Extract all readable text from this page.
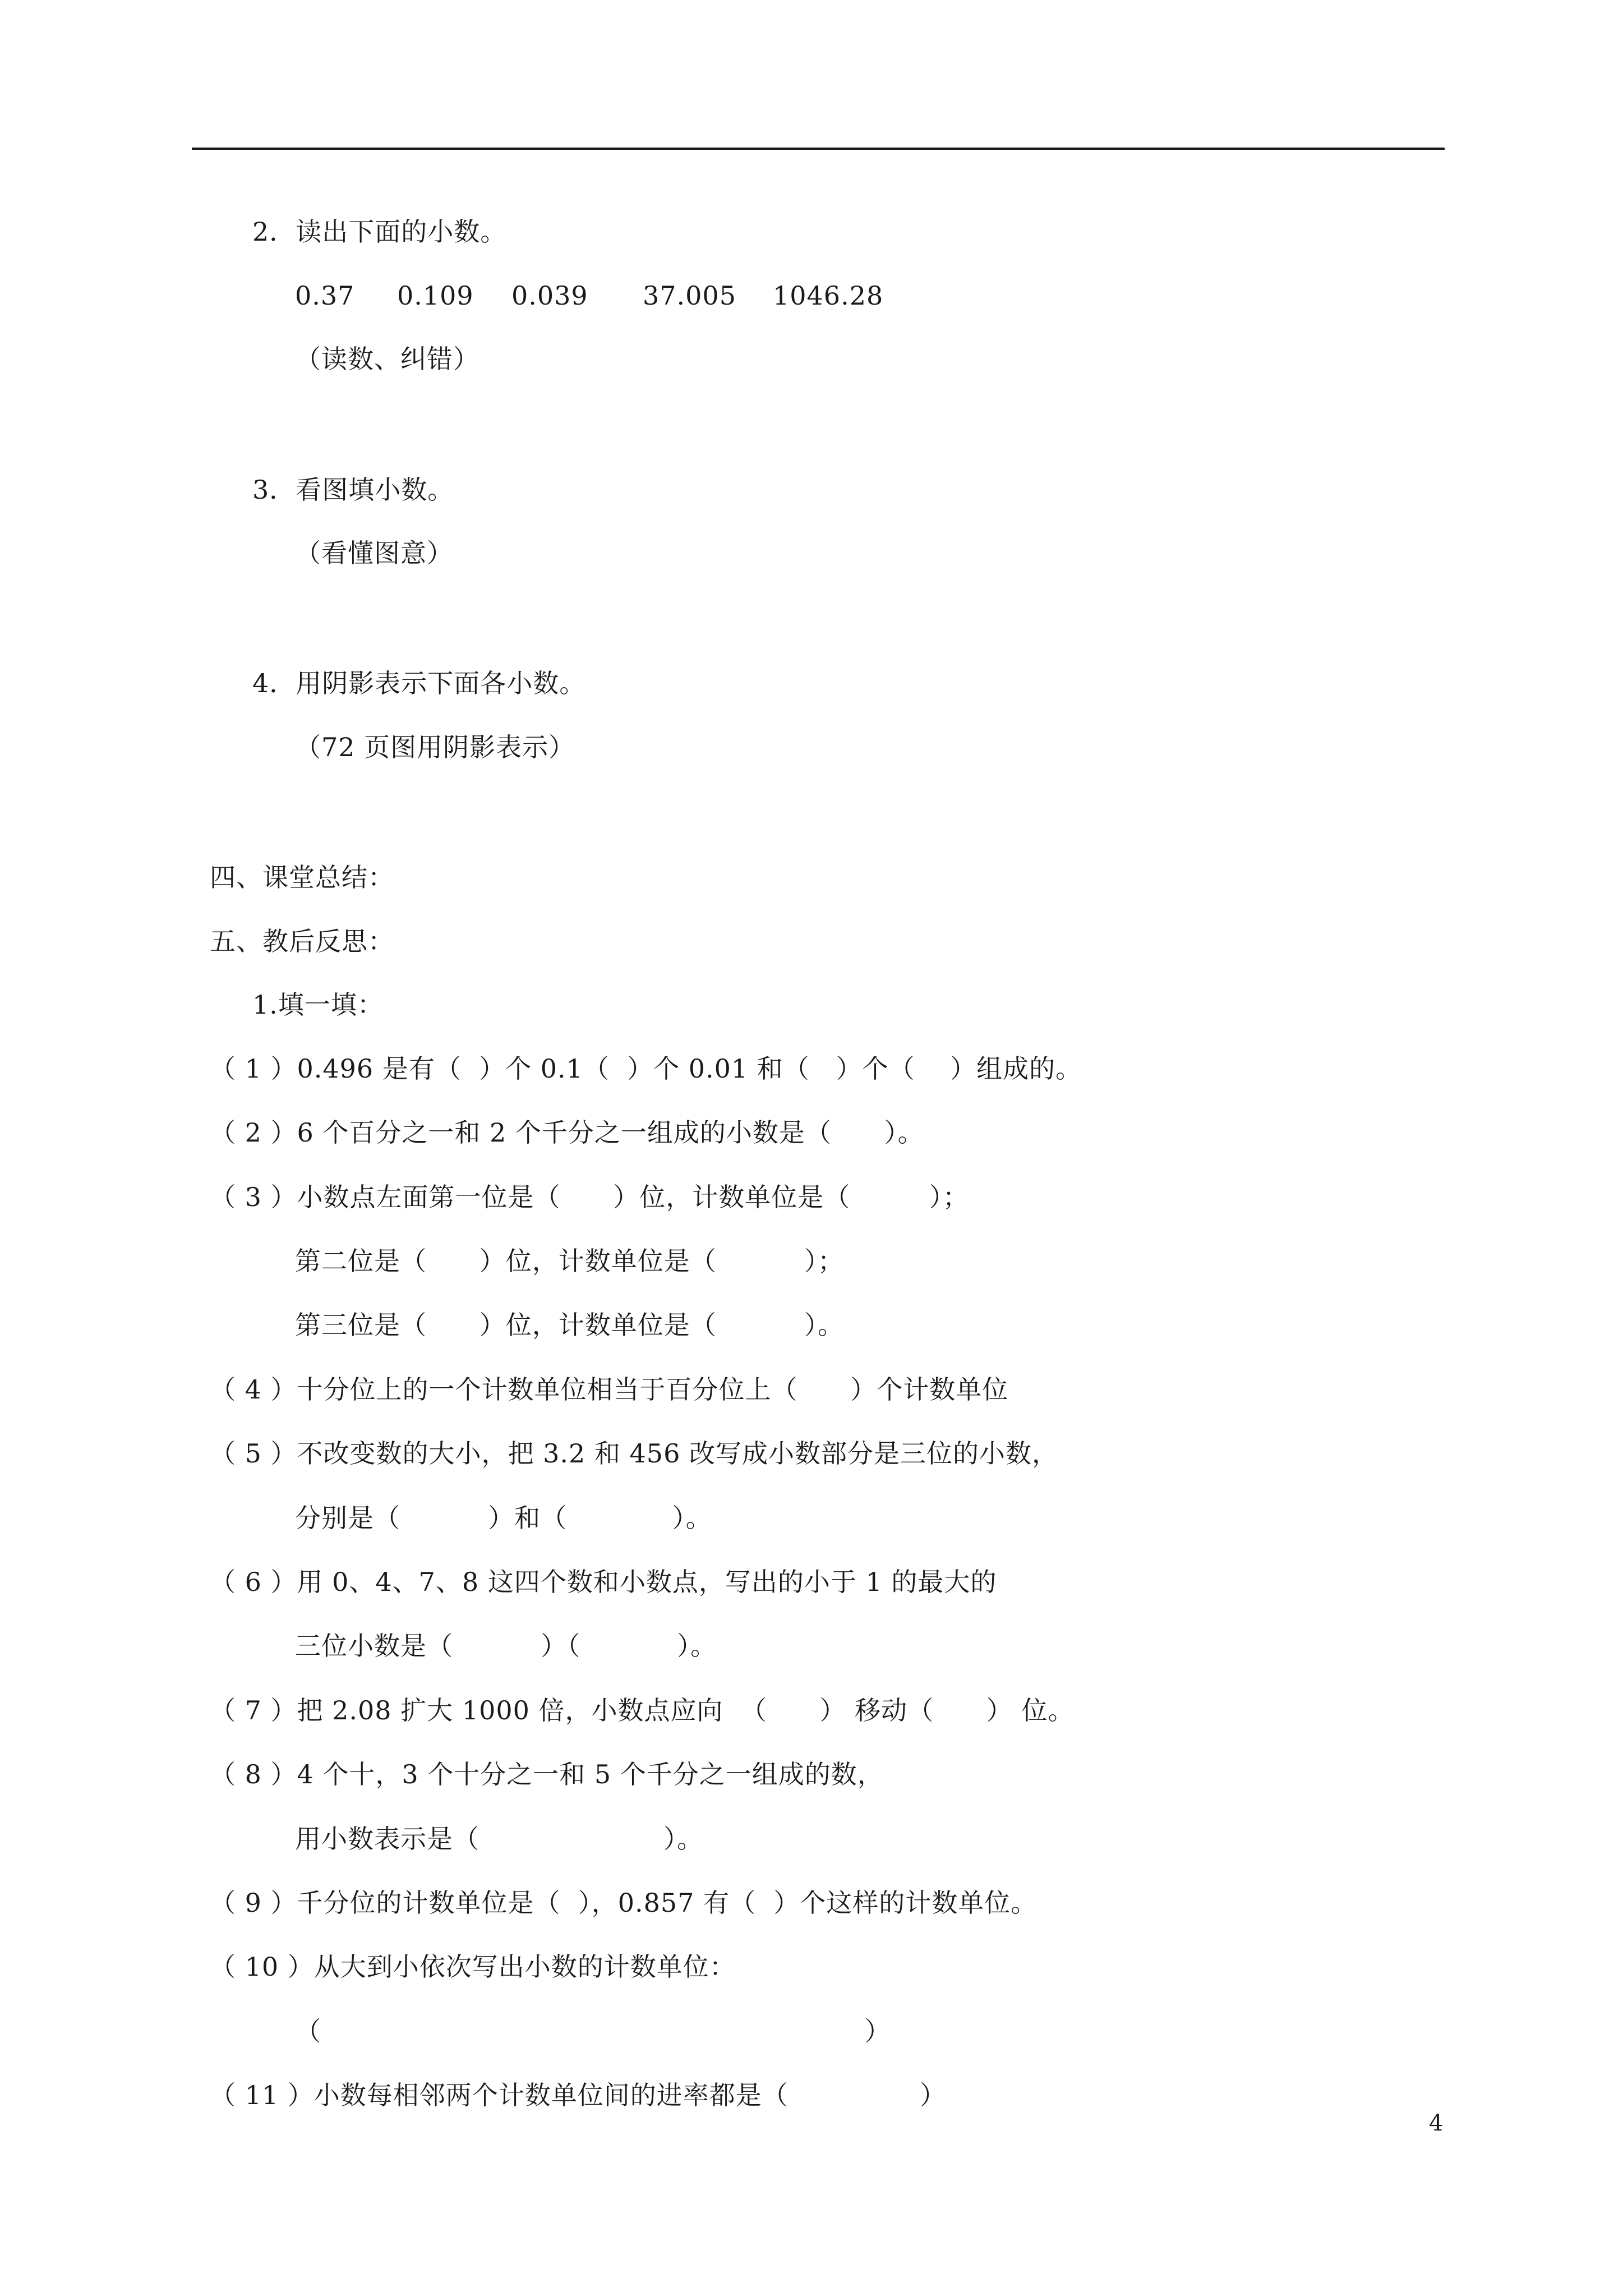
2．读出下面的小数。

0.37

0.109

0.039

37.005

1046.28

（读数、纠错）
3．看图填小数。
（看懂图意）
4．用阴影表示下面各小数。
（72 页图用阴影表示）
四、课堂总结：
五、教后反思：
1.填一填：
（ 1 ）0.496 是有（  ）个 0.1（  ）个 0.01 和（   ）个（    ）组成的。
（ 2 ）6 个百分之一和 2 个千分之一组成的小数是（      ）。
（ 3 ）小数点左面第一位是（      ）位，计数单位是（         ）；
第二位是（      ）位，计数单位是（          ）；
第三位是（      ）位，计数单位是（          ）。
（ 4 ）十分位上的一个计数单位相当于百分位上（      ）个计数单位
（ 5 ）不改变数的大小，把 3.2 和 456 改写成小数部分是三位的小数，
分别是（          ）和（            ）。
（ 6 ）用 0、4、7、8 这四个数和小数点，写出的小于 1 的最大的
三位小数是（          ）（           ）。
（ 7 ）把 2.08 扩大 1000 倍，小数点应向  （      ） 移动（      ） 位。
（ 8 ）4 个十，3 个十分之一和 5 个千分之一组成的数，
用小数表示是（                     ）。
（ 9 ）千分位的计数单位是（  ），0.857 有（  ）个这样的计数单位。
（ 10 ）从大到小依次写出小数的计数单位：
（                                                              ）
（ 11 ）小数每相邻两个计数单位间的进率都是（               ）
4
